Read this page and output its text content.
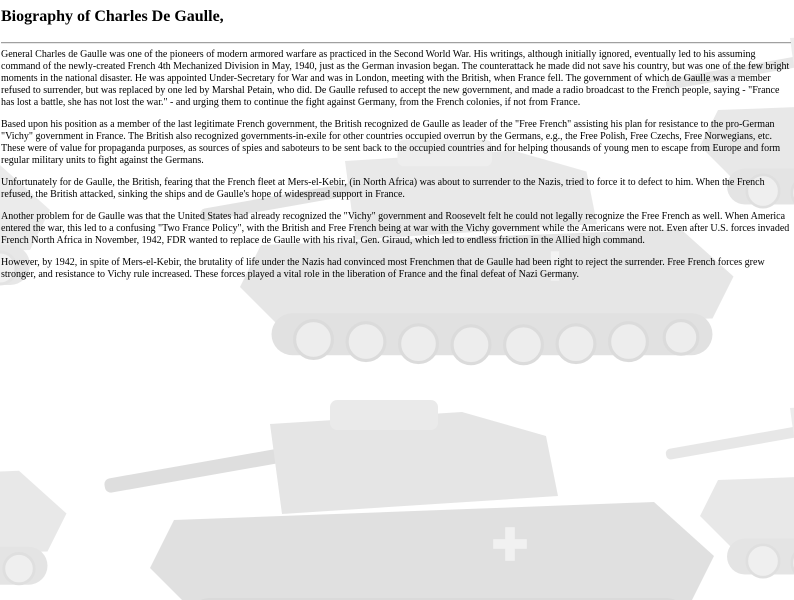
Biography of Charles De Gaulle,

General Charles de Gaulle was one of the pioneers of modern armored warfare as practiced in the Second World War. His writings, although initially ignored, eventually led to his assuming command of the newly-created French 4th Mechanized Division in May, 1940, just as the German invasion began. The counterattack he made did not save his country, but was one of the few bright moments in the national disaster. He was appointed Under-Secretary for War and was in London, meeting with the British, when France fell. The government of which de Gaulle was a member refused to surrender, but was replaced by one led by Marshal Petain, who did. De Gaulle refused to accept the new government, and made a radio broadcast to the French people, saying - "France has lost a battle, she has not lost the war." - and urging them to continue the fight against Germany, from the French colonies, if not from France.

Based upon his position as a member of the last legitimate French government, the British recognized de Gaulle as leader of the "Free French" assisting his plan for resistance to the pro-German "Vichy" government in France. The British also recognized governments-in-exile for other countries occupied overrun by the Germans, e.g., the Free Polish, Free Czechs, Free Norwegians, etc. These were of value for propaganda purposes, as sources of spies and saboteurs to be sent back to the occupied countries and for helping thousands of young men to escape from Europe and form regular military units to fight against the Germans.

Unfortunately for de Gaulle, the British, fearing that the French fleet at Mers-el-Kebir, (in North Africa) was about to surrender to the Nazis, tried to force it to defect to him. When the French refused, the British attacked, sinking the ships and de Gaulle's hope of widespread support in France.

Another problem for de Gaulle was that the United States had already recognized the "Vichy" government and Roosevelt felt he could not legally recognize the Free French as well. When America entered the war, this led to a confusing "Two France Policy", with the British and Free French being at war with the Vichy government while the Americans were not. Even after U.S. forces invaded French North Africa in November, 1942, FDR wanted to replace de Gaulle with his rival, Gen. Giraud, which led to endless friction in the Allied high command.

However, by 1942, in spite of Mers-el-Kebir, the brutality of life under the Nazis had convinced most Frenchmen that de Gaulle had been right to reject the surrender. Free French forces grew stronger, and resistance to Vichy rule increased. These forces played a vital role in the liberation of France and the final defeat of Nazi Germany.
